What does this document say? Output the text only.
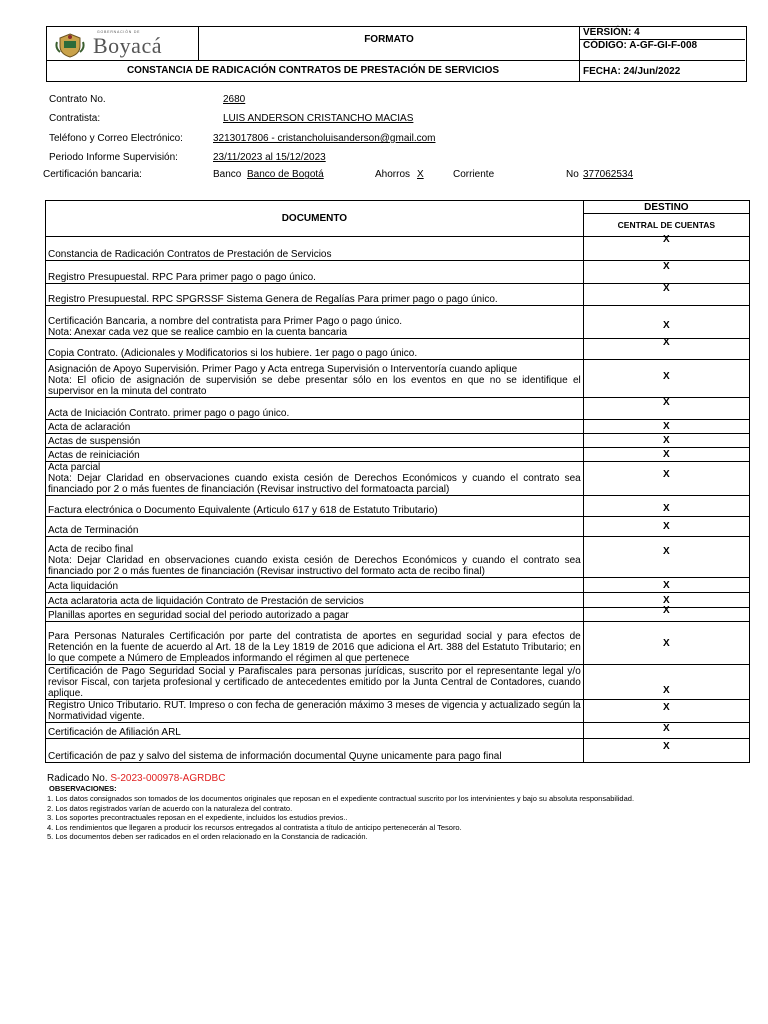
GOBERNACIÓN DE
Boyacá	FORMATO
VERSIÓN: 4
CÓDIGO: A-GF-GI-F-008
CONSTANCIA DE RADICACIÓN CONTRATOS DE PRESTACIÓN DE SERVICIOS	FECHA: 24/Jun/2022
Contrato No.	2680
Contratista:	LUIS ANDERSON CRISTANCHO MACIAS
Teléfono y Correo Electrónico:	3213017806 - cristancholuisanderson@gmail.com
Periodo Informe Supervisión:	23/11/2023 al 15/12/2023
Certificación bancaria:	Banco Banco de Bogotá	Ahorros X	Corriente	No 377062534
DOCUMENTO	DESTINO
	CENTRAL DE CUENTAS
Constancia de Radicación Contratos de Prestación de Servicios	X
Registro Presupuestal. RPC Para primer pago o pago único.	X
Registro Presupuestal. RPC SPGRSSF Sistema Genera de Regalías Para primer pago o pago único.	X
Certificación Bancaria, a nombre del contratista para Primer Pago o pago único.
Nota: Anexar cada vez que se realice cambio en la cuenta bancaria	X
Copia Contrato. (Adicionales y Modificatorios si los hubiere. 1er pago o pago único.	X
Asignación de Apoyo Supervisión. Primer Pago y Acta entrega Supervisión o Interventoría cuando aplique
Nota: El oficio de asignación de supervisión se debe presentar sólo en los eventos en que no se identifique el supervisor en la minuta del contrato	X
Acta de Iniciación Contrato. primer pago o pago único.	X
Acta de aclaración	X
Actas de suspensión	X
Actas de reiniciación	X
Acta parcial
Nota: Dejar Claridad en observaciones cuando exista cesión de Derechos Económicos y cuando el contrato sea financiado por 2 o más fuentes de financiación (Revisar instructivo del formatoacta parcial)	X
Factura electrónica o Documento Equivalente (Articulo 617 y 618 de Estatuto Tributario)	X
Acta de Terminación	X
Acta de recibo final
Nota: Dejar Claridad en observaciones cuando exista cesión de Derechos Económicos y cuando el contrato sea financiado por 2 o más fuentes de financiación (Revisar instructivo del formato acta de recibo final)	X
Acta liquidación	X
Acta aclaratoria acta de liquidación Contrato de Prestación de servicios	X
Planillas aportes en seguridad social del periodo autorizado a pagar	X
Para Personas Naturales Certificación por parte del contratista de aportes en seguridad social y para efectos de Retención en la fuente de acuerdo al Art. 18 de la Ley 1819 de 2016 que adiciona el Art. 388 del Estatuto Tributario; en lo que compete a Número de Empleados informando el régimen al que pertenece	X
Certificación de Pago Seguridad Social y Parafiscales para personas jurídicas, suscrito por el representante legal y/o revisor Fiscal, con tarjeta profesional y certificado de antecedentes emitido por la Junta Central de Contadores, cuando aplique.	X
Registro Único Tributario. RUT. Impreso o con fecha de generación máximo 3 meses de vigencia y actualizado según la Normatividad vigente.	X
Certificación de Afiliación ARL	X
Certificación de paz y salvo del sistema de información documental Quyne unicamente para pago final	X
Radicado No. S-2023-000978-AGRDBC
OBSERVACIONES:
1. Los datos consignados son tomados de los documentos originales que reposan en el expediente contractual suscrito por los intervinientes y bajo su absoluta responsabilidad.
2. Los datos registrados varían de acuerdo con la naturaleza del contrato.
3. Los soportes precontractuales reposan en el expediente, incluidos los estudios previos..
4. Los rendimientos que llegaren a producir los recursos entregados al contratista a título de anticipo pertenecerán al Tesoro.
5. Los documentos deben ser radicados en el orden relacionado en la Constancia de radicación.
